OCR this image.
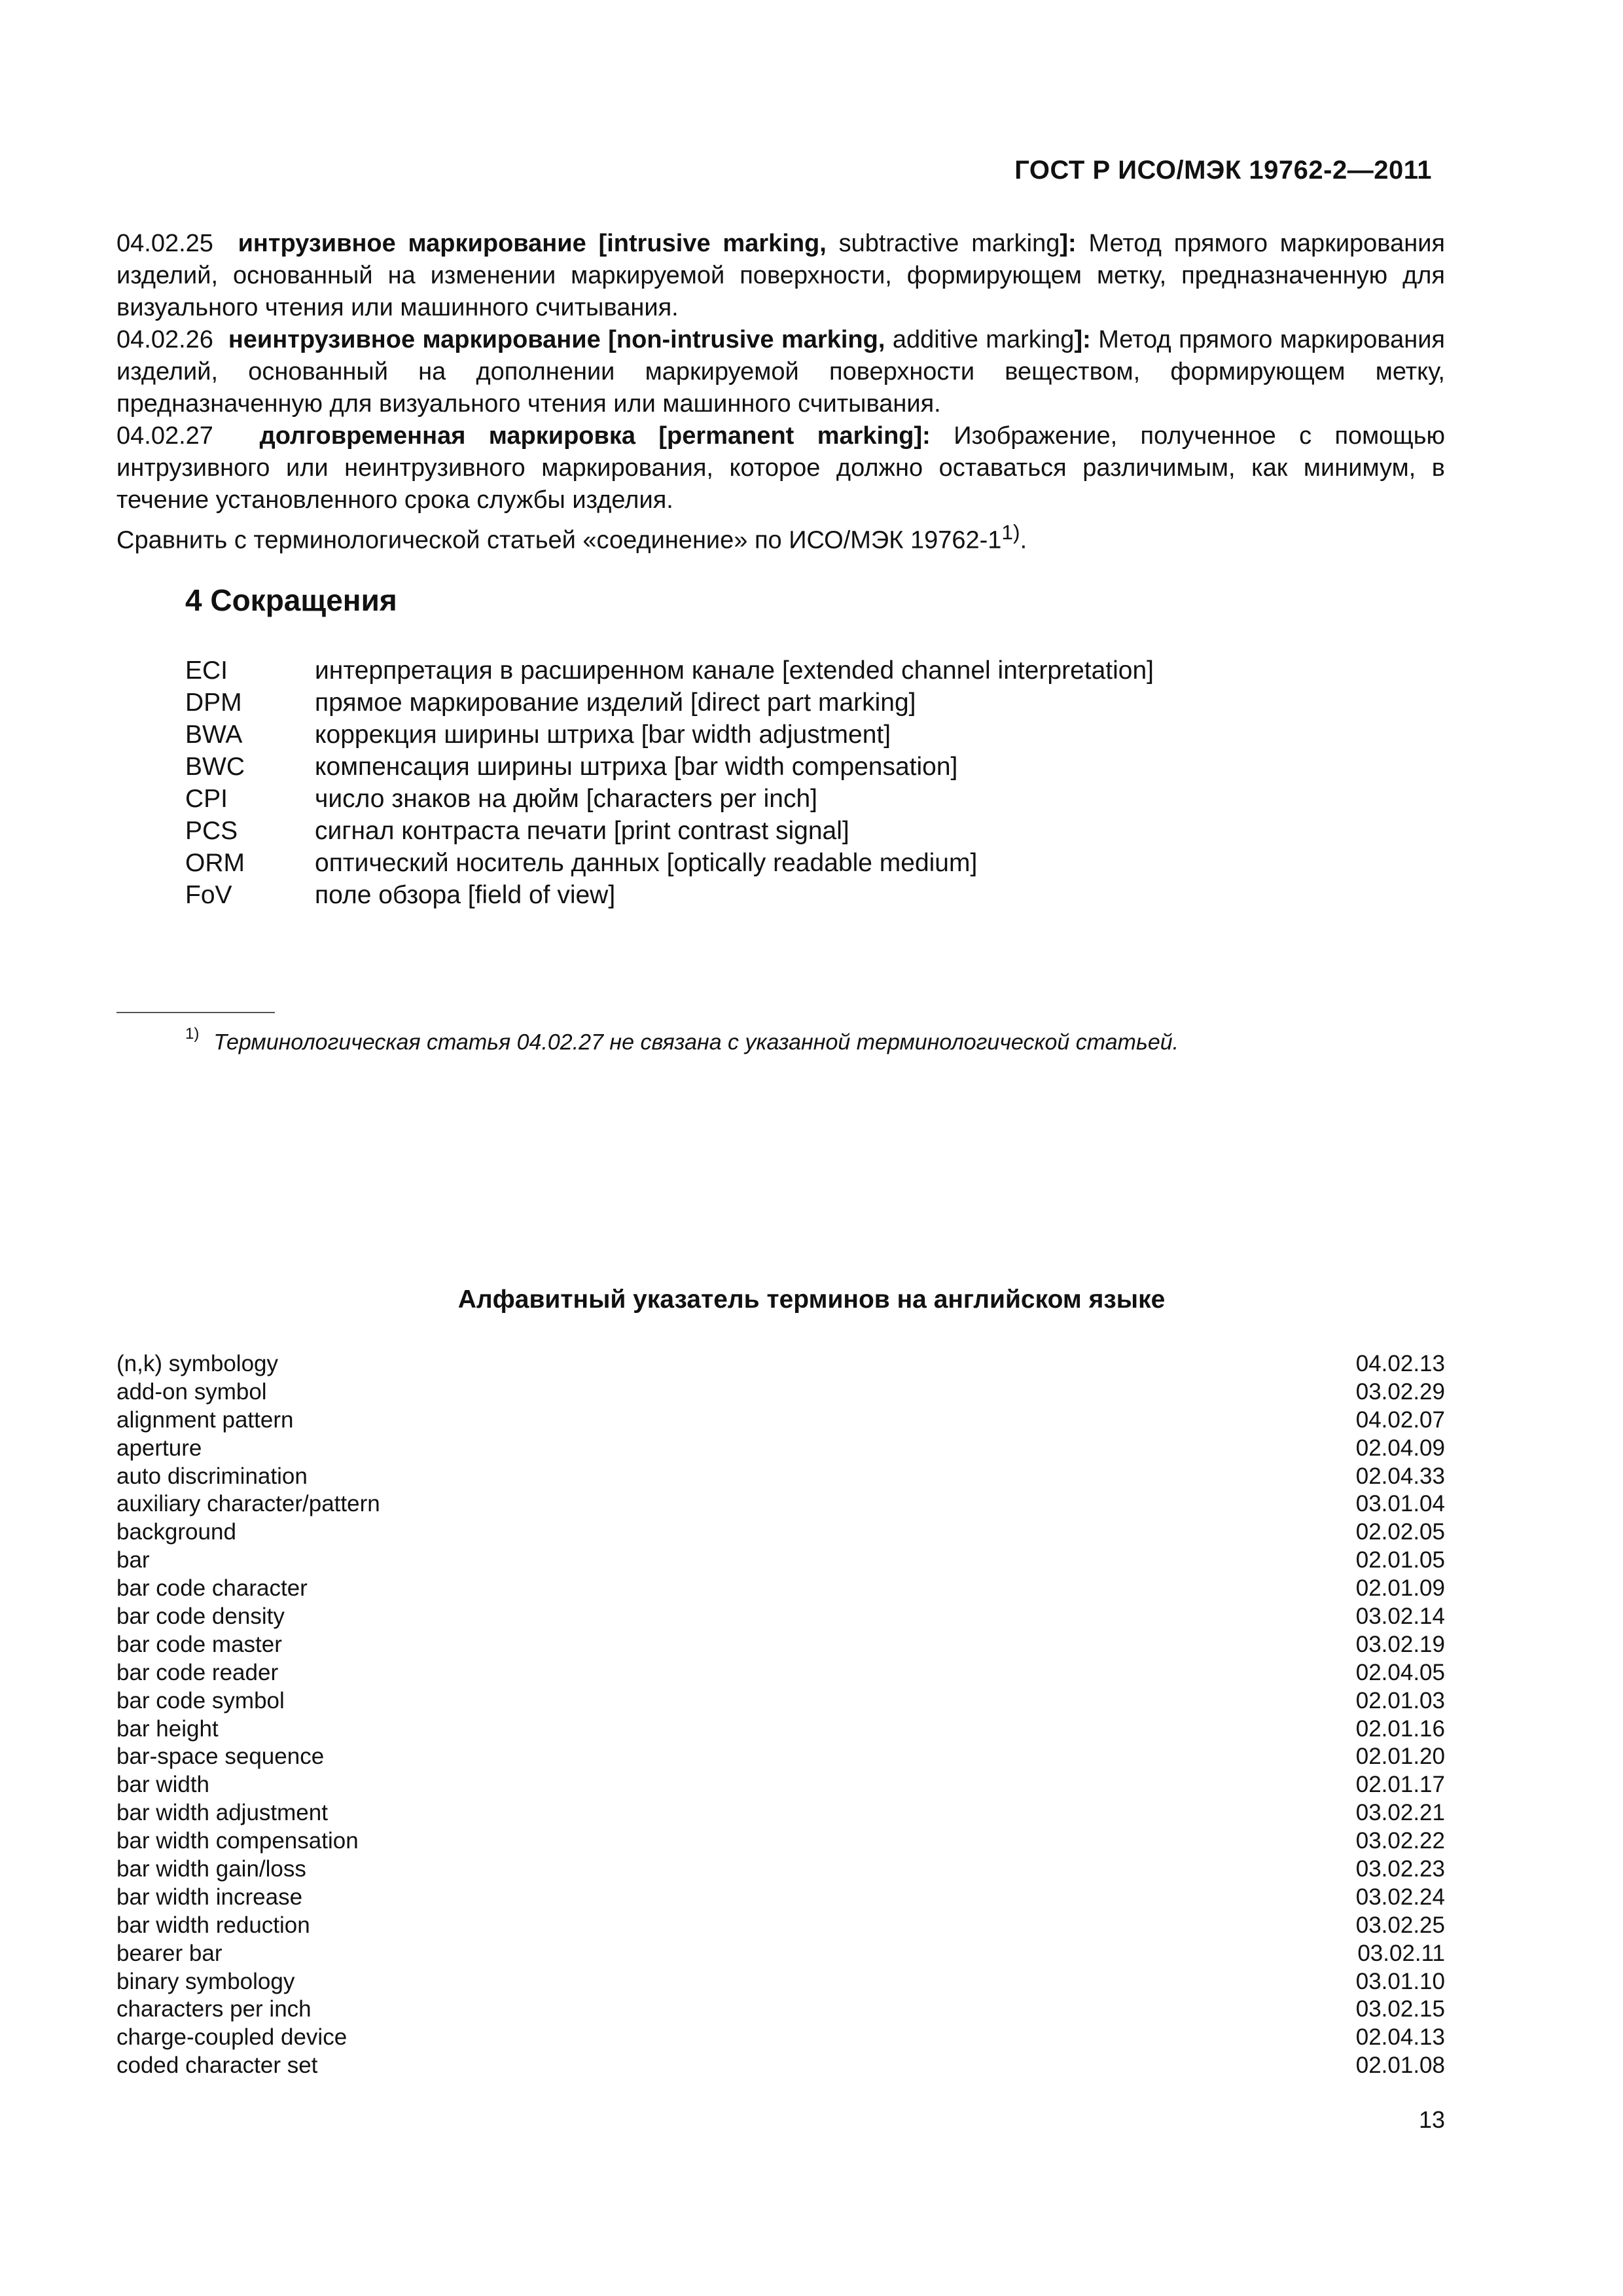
ГОСТ Р ИСО/МЭК 19762-2—2011

04.02.25 интрузивное маркирование [intrusive marking, subtractive marking]: Метод прямого маркирования изделий, основанный на изменении маркируемой поверхности, формирующем метку, предназначенную для визуального чтения или машинного считывания.

04.02.26 неинтрузивное маркирование [non-intrusive marking, additive marking]: Метод прямого маркирования изделий, основанный на дополнении маркируемой поверхности веществом, формирующем метку, предназначенную для визуального чтения или машинного считывания.

04.02.27 долговременная маркировка [permanent marking]: Изображение, полученное с помощью интрузивного или неинтрузивного маркирования, которое должно оставаться различимым, как минимум, в течение установленного срока службы изделия.

Сравнить с терминологической статьей «соединение» по ИСО/МЭК 19762-1$^{1)}$.

4 Сокращения
ECI	интерпретация в расширенном канале [extended channel interpretation]
DPM	прямое маркирование изделий [direct part marking]
BWA	коррекция ширины штриха [bar width adjustment]
BWC	компенсация ширины штриха [bar width compensation]
CPI	число знаков на дюйм [characters per inch]
PCS	сигнал контраста печати [print contrast signal]
ORM	оптический носитель данных [optically readable medium]
FoV	поле обзора [field of view]
$^{1)}$ Терминологическая статья 04.02.27 не связана с указанной терминологической статьей.
Алфавитный указатель терминов на английском языке
(n,k) symbology	04.02.13
add-on symbol	03.02.29
alignment pattern	04.02.07
aperture	02.04.09
auto discrimination	02.04.33
auxiliary character/pattern	03.01.04
background	02.02.05
bar	02.01.05
bar code character	02.01.09
bar code density	03.02.14
bar code master	03.02.19
bar code reader	02.04.05
bar code symbol	02.01.03
bar height	02.01.16
bar-space sequence	02.01.20
bar width	02.01.17
bar width adjustment	03.02.21
bar width compensation	03.02.22
bar width gain/loss	03.02.23
bar width increase	03.02.24
bar width reduction	03.02.25
bearer bar	03.02.11
binary symbology	03.01.10
characters per inch	03.02.15
charge-coupled device	02.04.13
coded character set	02.01.08
13
